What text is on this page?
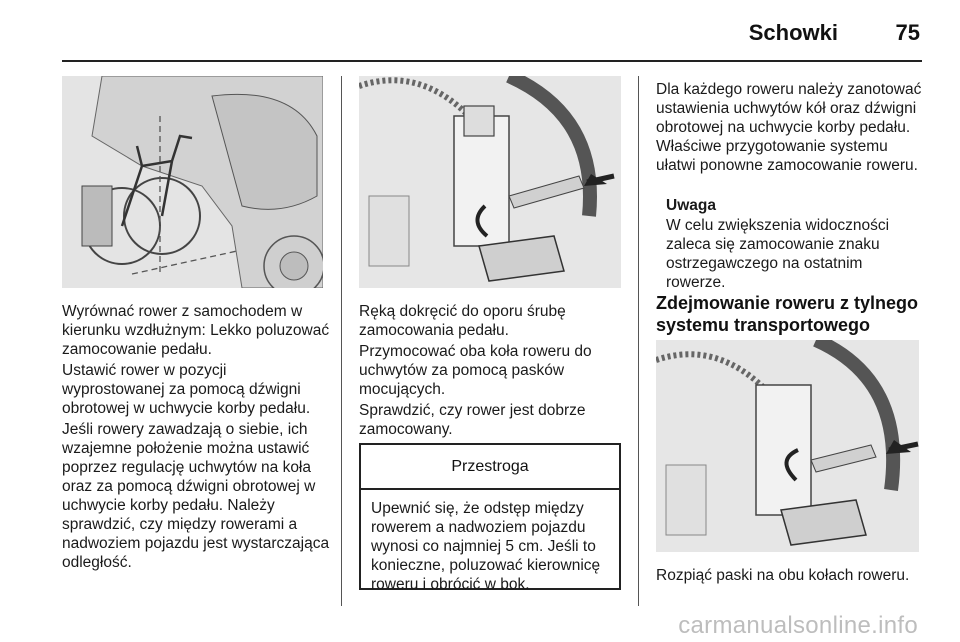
Schowki	75

Wyrównać rower z samochodem w kierunku wzdłużnym: Lekko poluzować zamocowanie pedału.

Ustawić rower w pozycji wyprostowanej za pomocą dźwigni obrotowej w uchwycie korby pedału.

Jeśli rowery zawadzają o siebie, ich wzajemne położenie można ustawić poprzez regulację uchwytów na koła oraz za pomocą dźwigni obrotowej w uchwycie korby pedału. Należy sprawdzić, czy między rowerami a nadwoziem pojazdu jest wystarczająca odległość.

Ręką dokręcić do oporu śrubę zamocowania pedału.

Przymocować oba koła roweru do uchwytów za pomocą pasków mocujących.

Sprawdzić, czy rower jest dobrze zamocowany.

Przestroga
Upewnić się, że odstęp między rowerem a nadwoziem pojazdu wynosi co najmniej 5 cm. Jeśli to konieczne, poluzować kierownicę roweru i obrócić w bok.

Dla każdego roweru należy zanotować ustawienia uchwytów kół oraz dźwigni obrotowej na uchwycie korby pedału. Właściwe przygotowanie systemu ułatwi ponowne zamocowanie roweru.

Uwaga

W celu zwiększenia widoczności zaleca się zamocowanie znaku ostrzegawczego na ostatnim rowerze.

Zdejmowanie roweru z tylnego systemu transportowego

Rozpiąć paski na obu kołach roweru.

carmanualsonline.info
